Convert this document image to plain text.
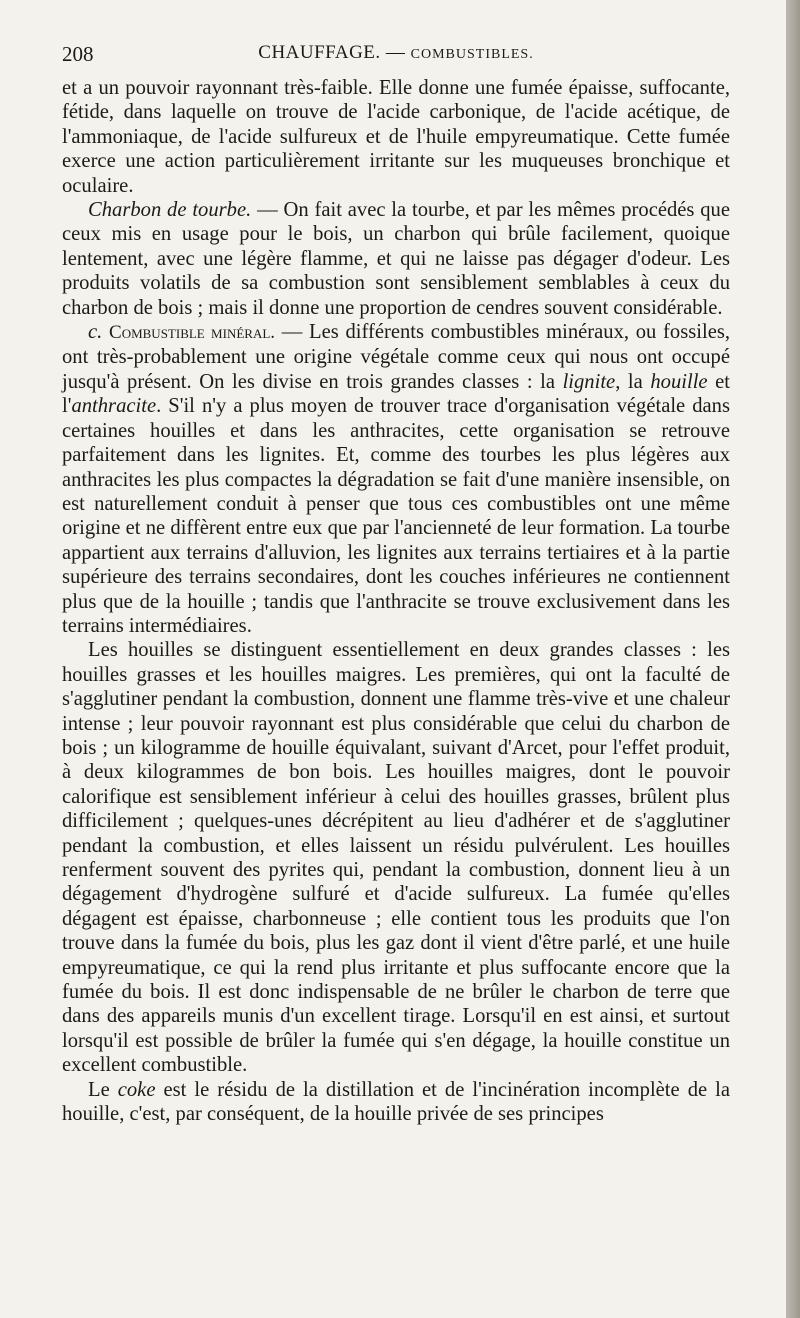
208	CHAUFFAGE. — COMBUSTIBLES.

et a un pouvoir rayonnant très-faible. Elle donne une fumée épaisse, suffocante, fétide, dans laquelle on trouve de l'acide carbonique, de l'acide acétique, de l'ammoniaque, de l'acide sulfureux et de l'huile empyreumatique. Cette fumée exerce une action particulièrement irritante sur les muqueuses bronchique et oculaire.

Charbon de tourbe. — On fait avec la tourbe, et par les mêmes procédés que ceux mis en usage pour le bois, un charbon qui brûle facilement, quoique lentement, avec une légère flamme, et qui ne laisse pas dégager d'odeur. Les produits volatils de sa combustion sont sensiblement semblables à ceux du charbon de bois ; mais il donne une proportion de cendres souvent considérable.

c. Combustible minéral. — Les différents combustibles minéraux, ou fossiles, ont très-probablement une origine végétale comme ceux qui nous ont occupé jusqu'à présent. On les divise en trois grandes classes : la lignite, la houille et l'anthracite. S'il n'y a plus moyen de trouver trace d'organisation végétale dans certaines houilles et dans les anthracites, cette organisation se retrouve parfaitement dans les lignites. Et, comme des tourbes les plus légères aux anthracites les plus compactes la dégradation se fait d'une manière insensible, on est naturellement conduit à penser que tous ces combustibles ont une même origine et ne diffèrent entre eux que par l'ancienneté de leur formation. La tourbe appartient aux terrains d'alluvion, les lignites aux terrains tertiaires et à la partie supérieure des terrains secondaires, dont les couches inférieures ne contiennent plus que de la houille ; tandis que l'anthracite se trouve exclusivement dans les terrains intermédiaires.

Les houilles se distinguent essentiellement en deux grandes classes : les houilles grasses et les houilles maigres. Les premières, qui ont la faculté de s'agglutiner pendant la combustion, donnent une flamme très-vive et une chaleur intense ; leur pouvoir rayonnant est plus considérable que celui du charbon de bois ; un kilogramme de houille équivalant, suivant d'Arcet, pour l'effet produit, à deux kilogrammes de bon bois. Les houilles maigres, dont le pouvoir calorifique est sensiblement inférieur à celui des houilles grasses, brûlent plus difficilement ; quelques-unes décrépitent au lieu d'adhérer et de s'agglutiner pendant la combustion, et elles laissent un résidu pulvérulent. Les houilles renferment souvent des pyrites qui, pendant la combustion, donnent lieu à un dégagement d'hydrogène sulfuré et d'acide sulfureux. La fumée qu'elles dégagent est épaisse, charbonneuse ; elle contient tous les produits que l'on trouve dans la fumée du bois, plus les gaz dont il vient d'être parlé, et une huile empyreumatique, ce qui la rend plus irritante et plus suffocante encore que la fumée du bois. Il est donc indispensable de ne brûler le charbon de terre que dans des appareils munis d'un excellent tirage. Lorsqu'il en est ainsi, et surtout lorsqu'il est possible de brûler la fumée qui s'en dégage, la houille constitue un excellent combustible.

Le coke est le résidu de la distillation et de l'incinération incomplète de la houille, c'est, par conséquent, de la houille privée de ses principes
